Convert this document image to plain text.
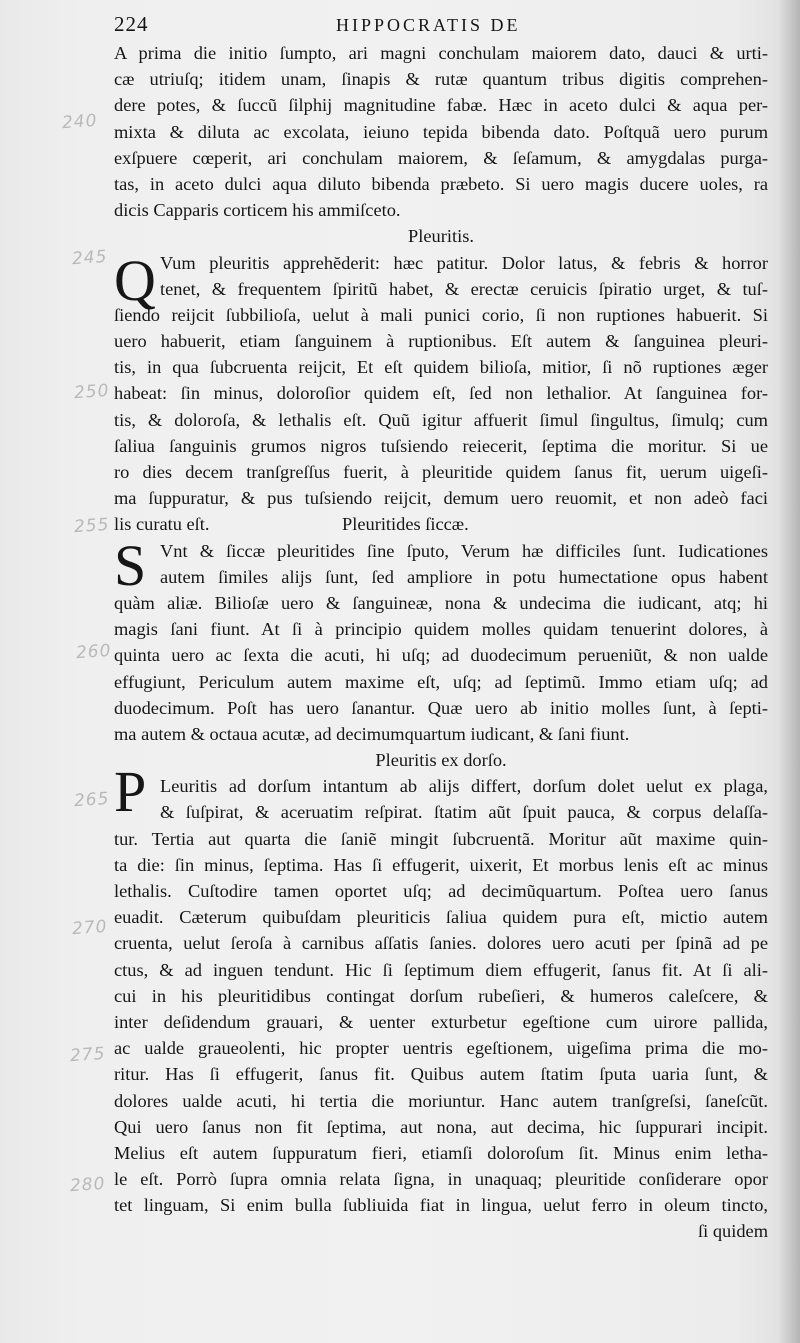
224	HIPPOCRATIS DE
240
245
250
255
260
265
270
275
280
Q
S
P
A prima die initio ſumpto, ari magni conchulam maiorem dato, dauci & urti-
cæ utriuſq; itidem unam, ſinapis & rutæ quantum tribus digitis comprehen-
dere potes, & ſuccũ ſilphij magnitudine fabæ. Hæc in aceto dulci & aqua per-
mixta & diluta ac excolata, ieiuno tepida bibenda dato. Poſtquã uero purum
exſpuere cœperit, ari conchulam maiorem, & ſeſamum, & amygdalas purga-
tas, in aceto dulci aqua diluto bibenda præbeto. Si uero magis ducere uoles, ra
dicis Capparis corticem his ammiſceto.
Pleuritis.
Vum pleuritis apprehĕderit: hæc patitur. Dolor latus, & febris & horror
tenet, & frequentem ſpiritũ habet, & erectæ ceruicis ſpiratio urget, & tuſ-
ſiendo reijcit ſubbilioſa, uelut à mali punici corio, ſi non ruptiones habuerit. Si
uero habuerit, etiam ſanguinem à ruptionibus. Eſt autem & ſanguinea pleuri-
tis, in qua ſubcruenta reijcit, Et eſt quidem bilioſa, mitior, ſi nõ ruptiones æger
habeat: ſin minus, doloroſior quidem eſt, ſed non lethalior. At ſanguinea for-
tis, & doloroſa, & lethalis eſt. Quũ igitur affuerit ſimul ſingultus, ſimulq; cum
ſaliua ſanguinis grumos nigros tuſsiendo reiecerit, ſeptima die moritur. Si ue
ro dies decem tranſgreſſus fuerit, à pleuritide quidem ſanus fit, uerum uigeſi-
ma ſuppuratur, & pus tuſsiendo reijcit, demum uero reuomit, et non adeò faci
lis curatu eſt.	Pleuritides ſiccæ.
Vnt & ſiccæ pleuritides ſine ſputo, Verum hæ difficiles ſunt. Iudicationes
autem ſimiles alijs ſunt, ſed ampliore in potu humectatione opus habent
quàm aliæ. Bilioſæ uero & ſanguineæ, nona & undecima die iudicant, atq; hi
magis ſani fiunt. At ſi à principio quidem molles quidam tenuerint dolores, à
quinta uero ac ſexta die acuti, hi uſq; ad duodecimum perueniũt, & non ualde
effugiunt, Periculum autem maxime eſt, uſq; ad ſeptimũ. Immo etiam uſq; ad
duodecimum. Poſt has uero ſanantur. Quæ uero ab initio molles ſunt, à ſepti-
ma autem & octaua acutæ, ad decimumquartum iudicant, & ſani fiunt.
Pleuritis ex dorſo.
Leuritis ad dorſum intantum ab alijs differt, dorſum dolet uelut ex plaga,
& ſuſpirat, & aceruatim reſpirat. ſtatim aũt ſpuit pauca, & corpus delaſſa-
tur. Tertia aut quarta die ſaniẽ mingit ſubcruentã. Moritur aũt maxime quin-
ta die: ſin minus, ſeptima. Has ſi effugerit, uixerit, Et morbus lenis eſt ac minus
lethalis. Cuſtodire tamen oportet uſq; ad decimũquartum. Poſtea uero ſanus
euadit. Cæterum quibuſdam pleuriticis ſaliua quidem pura eſt, mictio autem
cruenta, uelut ſeroſa à carnibus aſſatis ſanies. dolores uero acuti per ſpinã ad pe
ctus, & ad inguen tendunt. Hic ſi ſeptimum diem effugerit, ſanus fit. At ſi ali-
cui in his pleuritidibus contingat dorſum rubeſieri, & humeros caleſcere, &
inter deſidendum grauari, & uenter exturbetur egeſtione cum uirore pallida,
ac ualde graueolenti, hic propter uentris egeſtionem, uigeſima prima die mo-
ritur. Has ſi effugerit, ſanus fit. Quibus autem ſtatim ſputa uaria ſunt, &
dolores ualde acuti, hi tertia die moriuntur. Hanc autem tranſgreſsi, ſaneſcũt.
Qui uero ſanus non fit ſeptima, aut nona, aut decima, hic ſuppurari incipit.
Melius eſt autem ſuppuratum fieri, etiamſi doloroſum ſit. Minus enim letha-
le eſt. Porrò ſupra omnia relata ſigna, in unaquaq; pleuritide conſiderare opor
tet linguam, Si enim bulla ſubliuida fiat in lingua, uelut ferro in oleum tincto,
ſi quidem
